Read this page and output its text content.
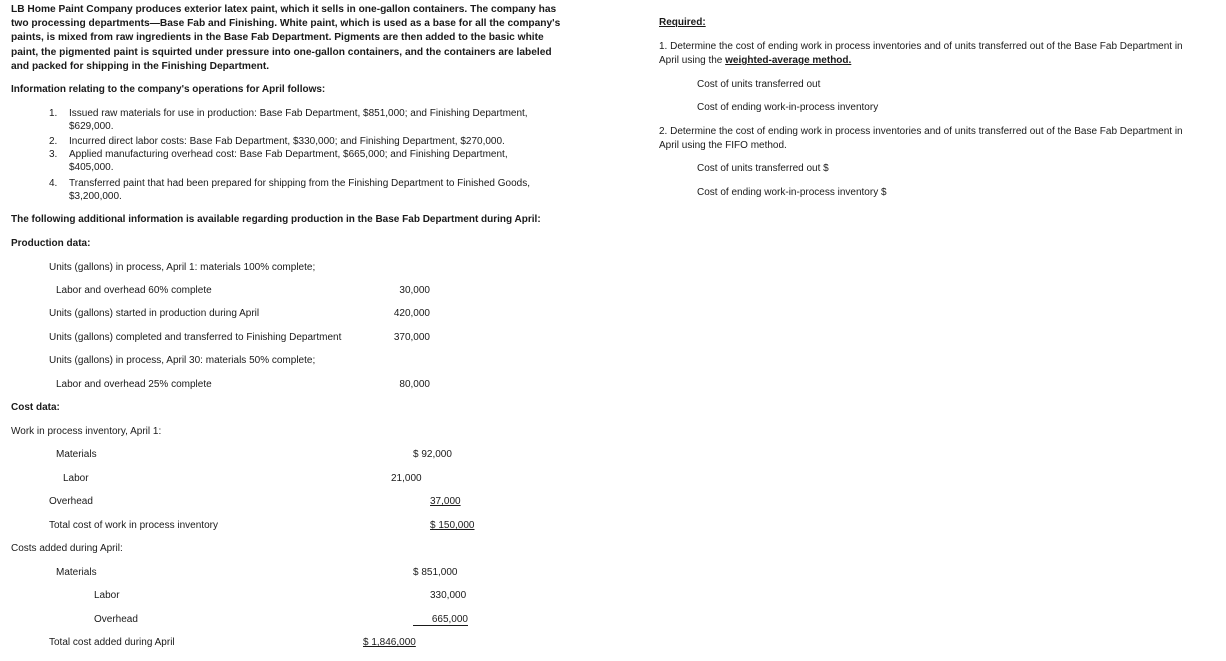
LB Home Paint Company produces exterior latex paint, which it sells in one-gallon containers. The company has
two processing departments—Base Fab and Finishing. White paint, which is used as a base for all the company's
paints, is mixed from raw ingredients in the Base Fab Department. Pigments are then added to the basic white
paint, the pigmented paint is squirted under pressure into one-gallon containers, and the containers are labeled
and packed for shipping in the Finishing Department.
Information relating to the company's operations for April follows:
1. Issued raw materials for use in production: Base Fab Department, $851,000; and Finishing Department,
$629,000.
2. Incurred direct labor costs: Base Fab Department, $330,000; and Finishing Department, $270,000.
3. Applied manufacturing overhead cost: Base Fab Department, $665,000; and Finishing Department,
$405,000.
4. Transferred paint that had been prepared for shipping from the Finishing Department to Finished Goods,
$3,200,000.
The following additional information is available regarding production in the Base Fab Department during April:
Production data:
Units (gallons) in process, April 1: materials 100% complete;
Labor and overhead 60% complete	30,000
Units (gallons) started in production during April	420,000
Units (gallons) completed and transferred to Finishing Department	370,000
Units (gallons) in process, April 30: materials 50% complete;
Labor and overhead 25% complete	80,000
Cost data:
Work in process inventory, April 1:
Materials	$ 92,000
Labor	21,000
Overhead	37,000
Total cost of work in process inventory	$ 150,000
Costs added during April:
Materials	$ 851,000
Labor	330,000
Overhead	665,000
Total cost added during April	$ 1,846,000
Required:
1. Determine the cost of ending work in process inventories and of units transferred out of the Base Fab Department in
April using the weighted-average method.
Cost of units transferred out
Cost of ending work-in-process inventory
2. Determine the cost of ending work in process inventories and of units transferred out of the Base Fab Department in
April using the FIFO method.
Cost of units transferred out $
Cost of ending work-in-process inventory $
